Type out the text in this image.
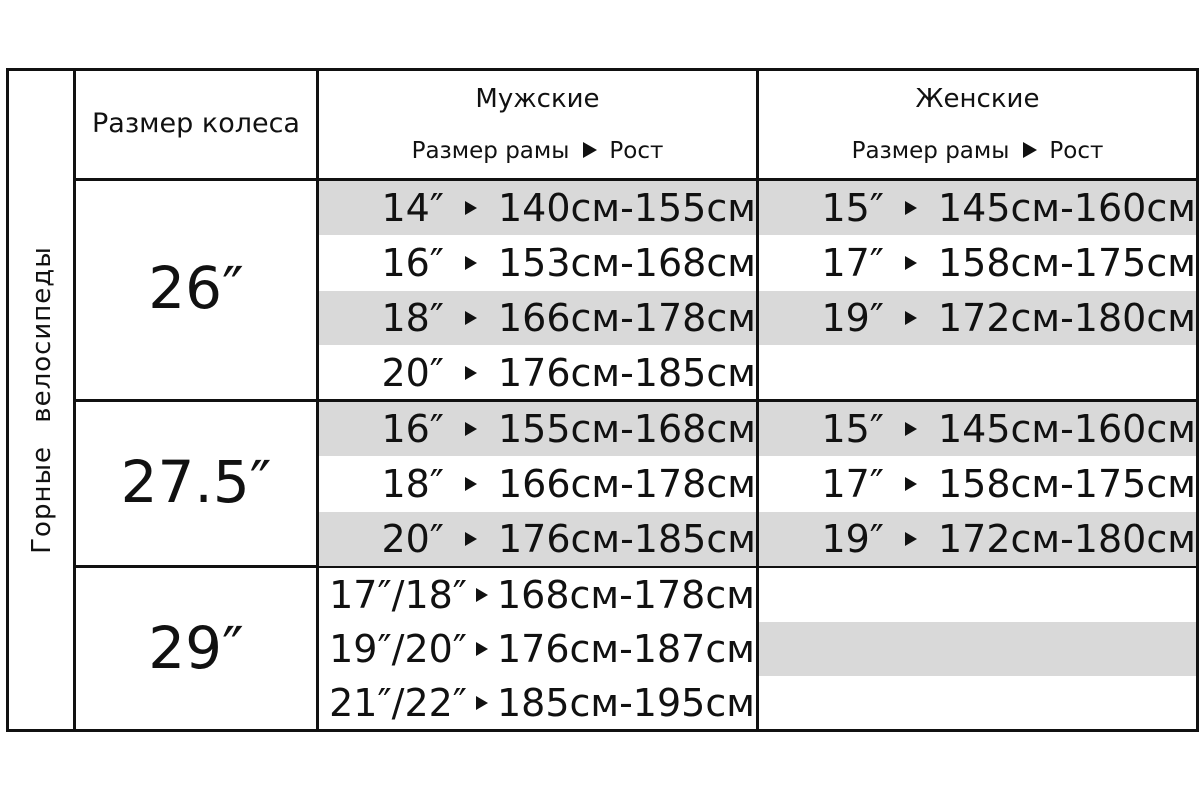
Горные велосипеды
Размер колеса
Мужские
Размер рамы Рост
Женские
Размер рамы Рост
26″
27.5″
29″
14″ 140см-155см
16″ 153см-168см
18″ 166см-178см
20″ 176см-185см
15″ 145см-160см
17″ 158см-175см
19″ 172см-180см
16″ 155см-168см
18″ 166см-178см
20″ 176см-185см
15″ 145см-160см
17″ 158см-175см
19″ 172см-180см
17″/18″ 168см-178см
19″/20″ 176см-187см
21″/22″ 185см-195см
